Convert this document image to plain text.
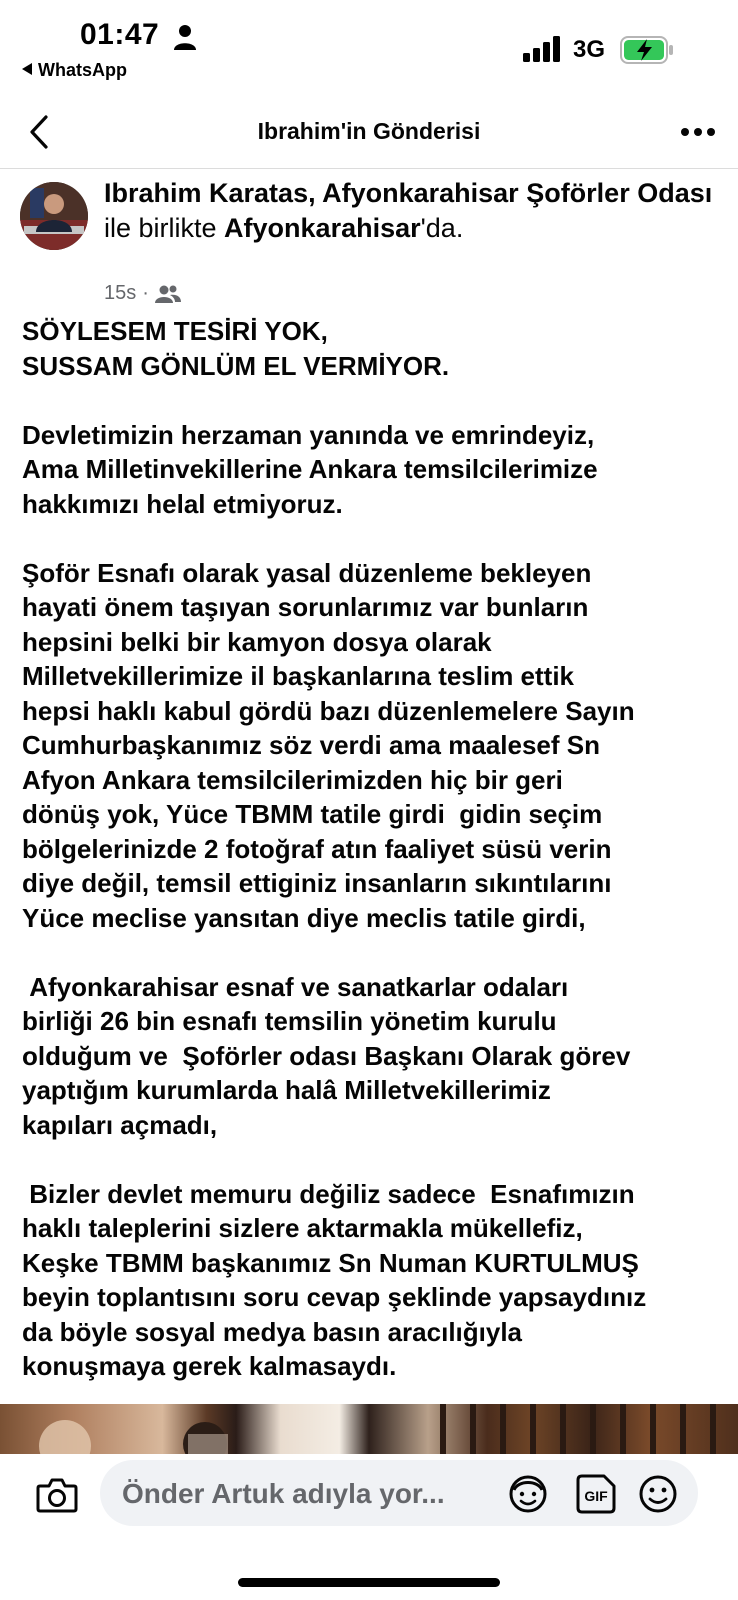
01:47
WhatsApp
3G
Ibrahim'in Gönderisi
Ibrahim Karatas, Afyonkarahisar Şoförler Odası ile birlikte Afyonkarahisar'da.
15s ·
SÖYLESEM TESİRİ YOK,
SUSSAM GÖNLÜM EL VERMİYOR.

Devletimizin herzaman yanında ve emrindeyiz,
Ama Milletinvekillerine Ankara temsilcilerimize
hakkımızı helal etmiyoruz.

Şoför Esnafı olarak yasal düzenleme bekleyen
hayati önem taşıyan sorunlarımız var bunların
hepsini belki bir kamyon dosya olarak
Milletvekillerimize il başkanlarına teslim ettik
hepsi haklı kabul gördü bazı düzenlemelere Sayın
Cumhurbaşkanımız söz verdi ama maalesef Sn
Afyon Ankara temsilcilerimizden hiç bir geri
dönüş yok, Yüce TBMM tatile girdi  gidin seçim
bölgelerinizde 2 fotoğraf atın faaliyet süsü verin
diye değil, temsil ettiginiz insanların sıkıntılarını
Yüce meclise yansıtan diye meclis tatile girdi,

Afyonkarahisar esnaf ve sanatkarlar odaları
birliği 26 bin esnafı temsilin yönetim kurulu
olduğum ve  Şoförler odası Başkanı Olarak görev
yaptığım kurumlarda halâ Milletvekillerimiz
kapıları açmadı,

Bizler devlet memuru değiliz sadece  Esnafımızın
haklı taleplerini sizlere aktarmakla mükellefiz,
Keşke TBMM başkanımız Sn Numan KURTULMUŞ
beyin toplantısını soru cevap şeklinde yapsaydınız
da böyle sosyal medya basın aracılığıyla
konuşmaya gerek kalmasaydı.
Önder Artuk adıyla yor...	GIF
